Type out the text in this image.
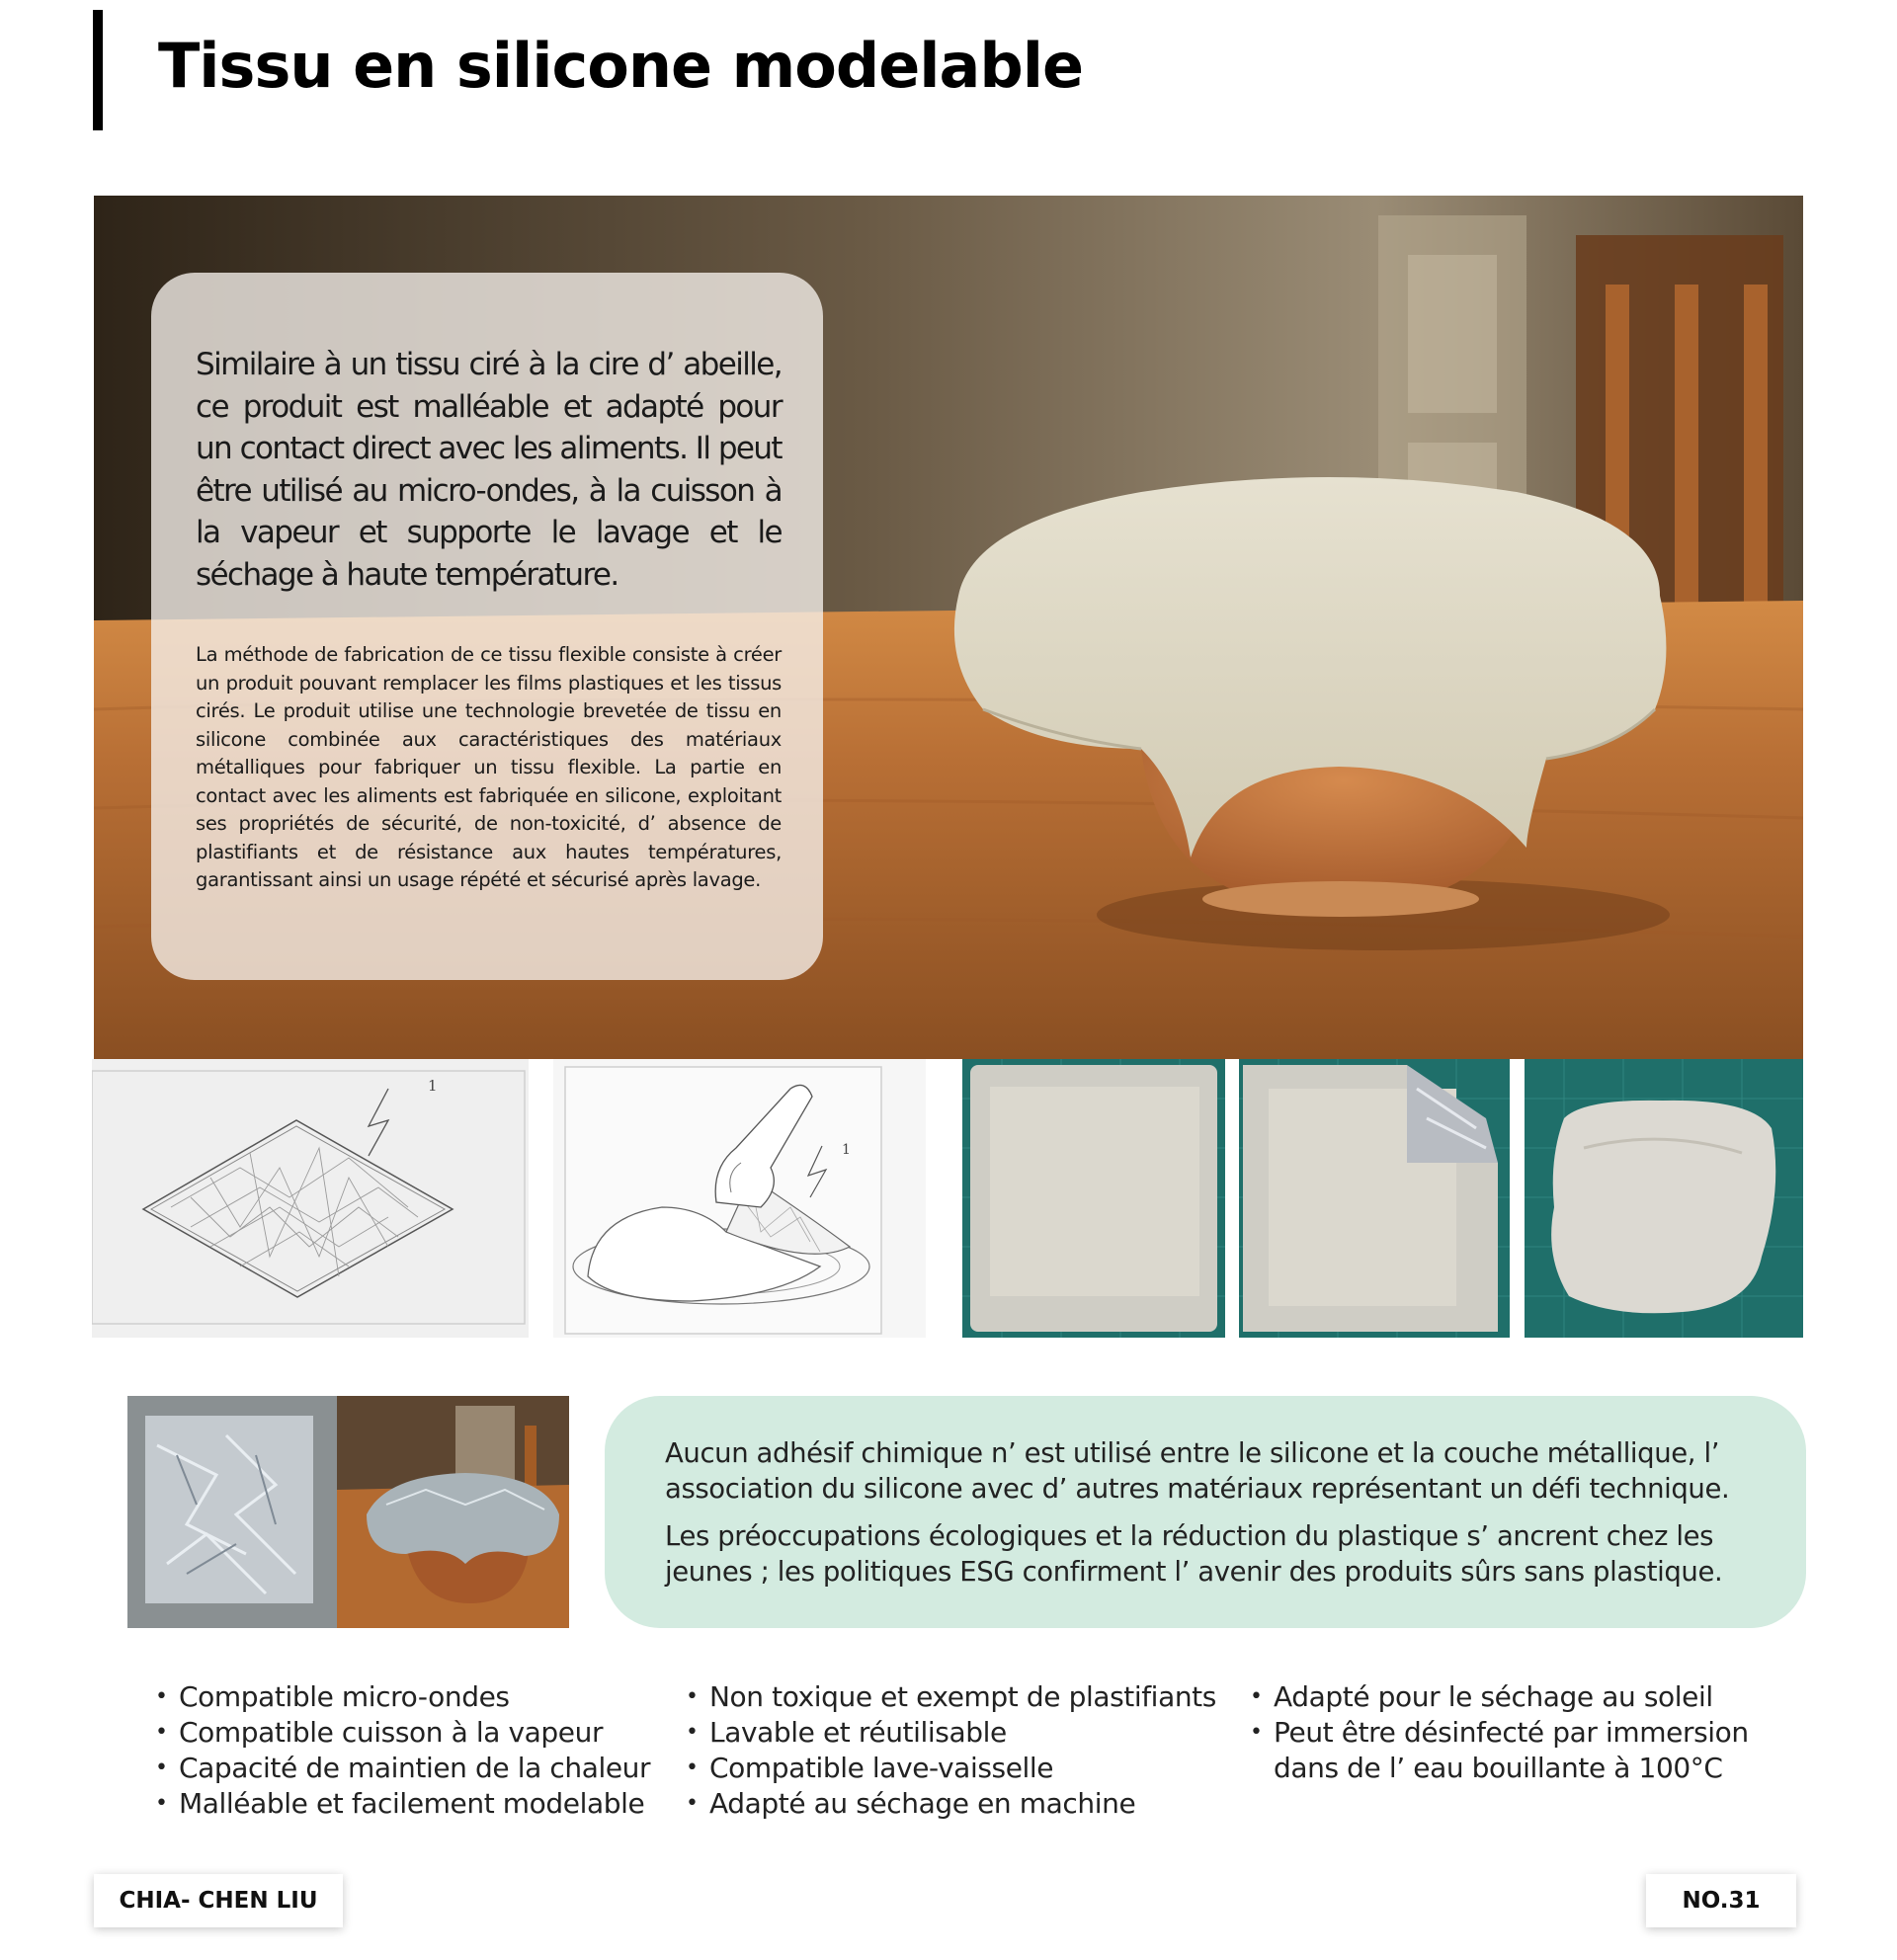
Tissu en silicone modelable

Similaire à un tissu ciré à la cire d’ abeille, ce produit est malléable et adapté pour un contact direct avec les aliments. Il peut être utilisé au micro-ondes, à la cuisson à la vapeur et supporte le lavage et le séchage à haute température.

La méthode de fabrication de ce tissu flexible consiste à créer un produit pouvant remplacer les films plastiques et les tissus cirés. Le produit utilise une technologie brevetée de tissu en silicone combinée aux caractéristiques des matériaux métalliques pour fabriquer un tissu flexible. La partie en contact avec les aliments est fabriquée en silicone, exploitant ses propriétés de sécurité, de non-toxicité, d’ absence de plastifiants et de résistance aux hautes températures, garantissant ainsi un usage répété et sécurisé après lavage.

1
1

Aucun adhésif chimique n’ est utilisé entre le silicone et la couche métallique, l’ association du silicone avec d’ autres matériaux représentant un défi technique.

Les préoccupations écologiques et la réduction du plastique s’ ancrent chez les jeunes ; les politiques ESG confirment l’ avenir des produits sûrs sans plastique.

• Compatible micro-ondes
• Compatible cuisson à la vapeur
• Capacité de maintien de la chaleur
• Malléable et facilement modelable
• Non toxique et exempt de plastifiants
• Lavable et réutilisable
• Compatible lave-vaisselle
• Adapté au séchage en machine
• Adapté pour le séchage au soleil
• Peut être désinfecté par immersion
dans de l’ eau bouillante à 100°C
CHIA- CHEN LIU	NO.31
